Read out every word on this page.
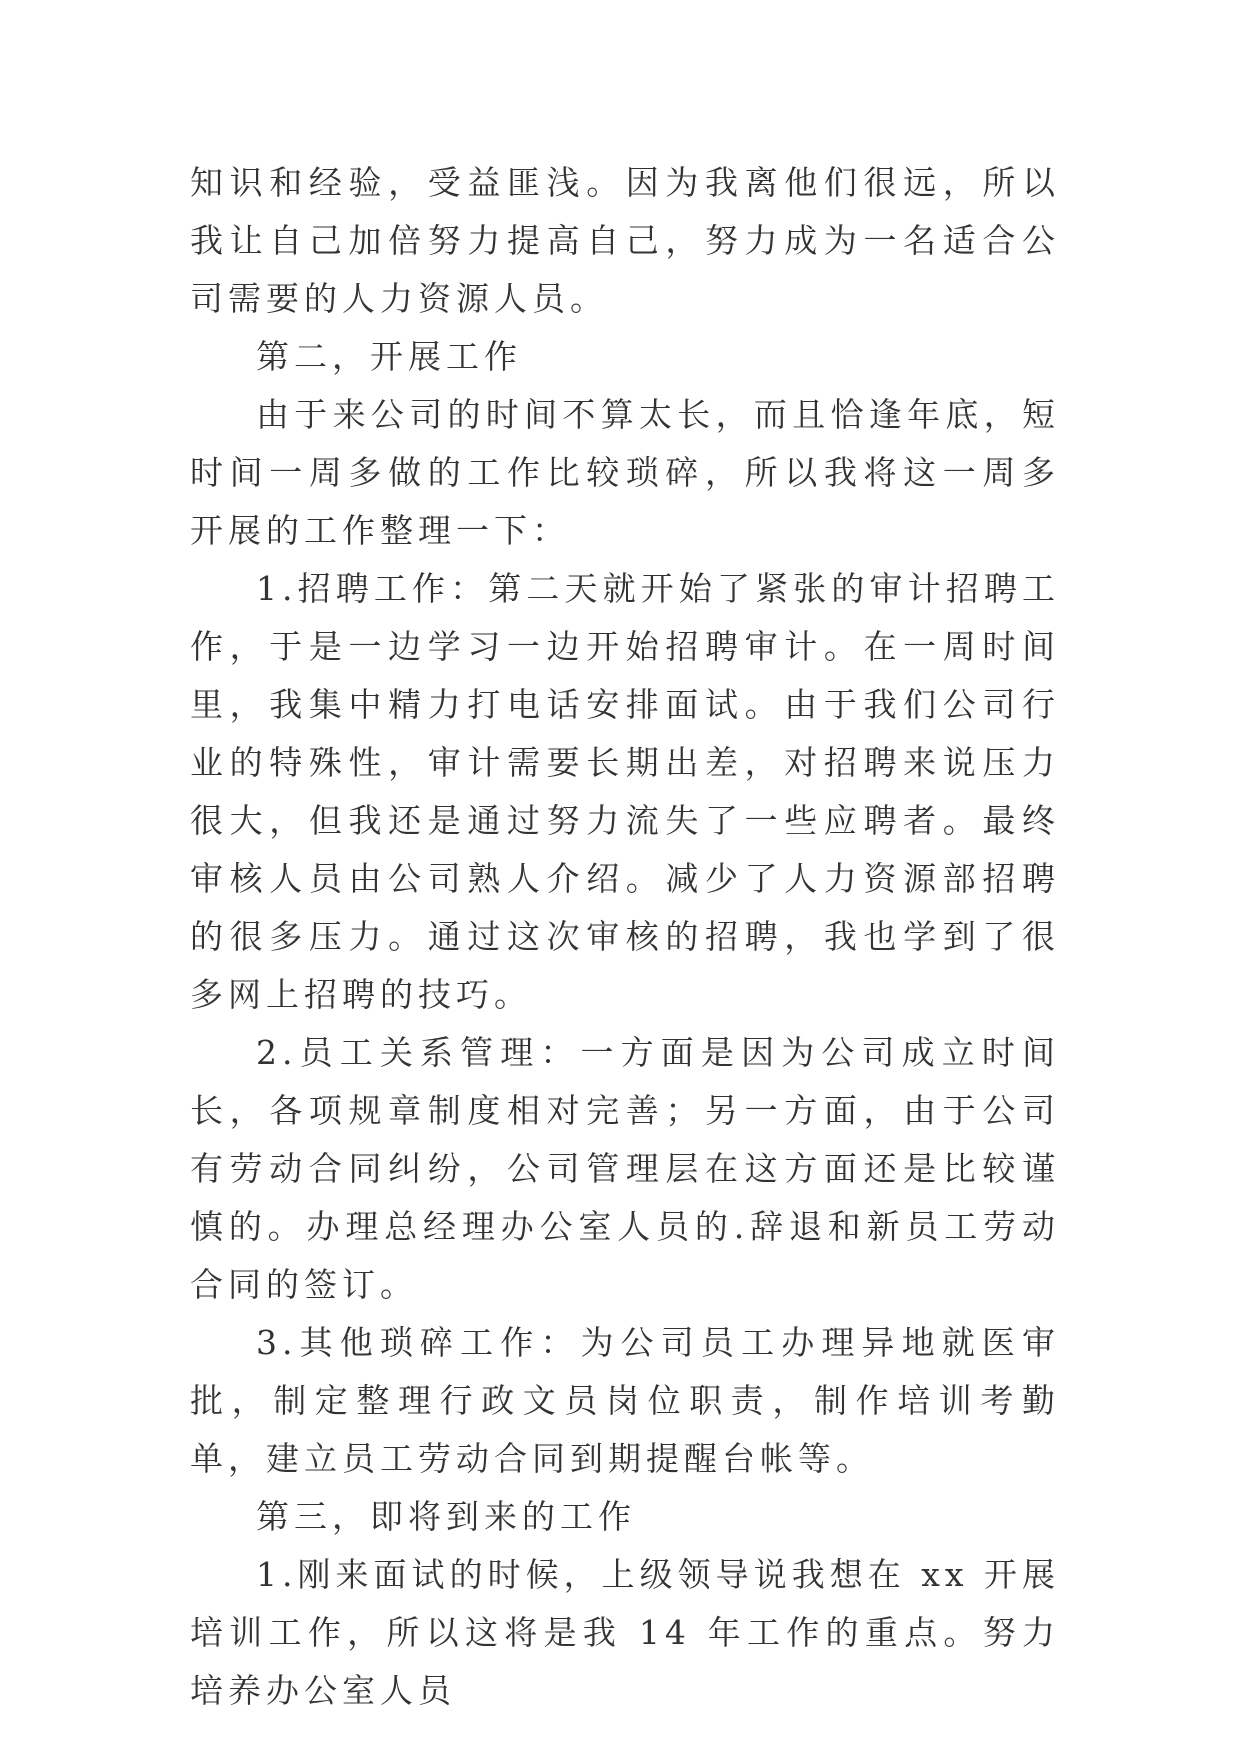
知识和经验，受益匪浅。因为我离他们很远，所以我让自己加倍努力提高自己，努力成为一名适合公司需要的人力资源人员。

第二，开展工作

由于来公司的时间不算太长，而且恰逢年底，短时间一周多做的工作比较琐碎，所以我将这一周多开展的工作整理一下：

1.招聘工作：第二天就开始了紧张的审计招聘工作，于是一边学习一边开始招聘审计。在一周时间里，我集中精力打电话安排面试。由于我们公司行业的特殊性，审计需要长期出差，对招聘来说压力很大，但我还是通过努力流失了一些应聘者。最终审核人员由公司熟人介绍。减少了人力资源部招聘的很多压力。通过这次审核的招聘，我也学到了很多网上招聘的技巧。

2.员工关系管理：一方面是因为公司成立时间长，各项规章制度相对完善；另一方面，由于公司有劳动合同纠纷，公司管理层在这方面还是比较谨慎的。办理总经理办公室人员的.辞退和新员工劳动合同的签订。

3.其他琐碎工作：为公司员工办理异地就医审批，制定整理行政文员岗位职责，制作培训考勤单，建立员工劳动合同到期提醒台帐等。

第三，即将到来的工作

1.刚来面试的时候，上级领导说我想在 xx 开展培训工作，所以这将是我 14 年工作的重点。努力培养办公室人员
